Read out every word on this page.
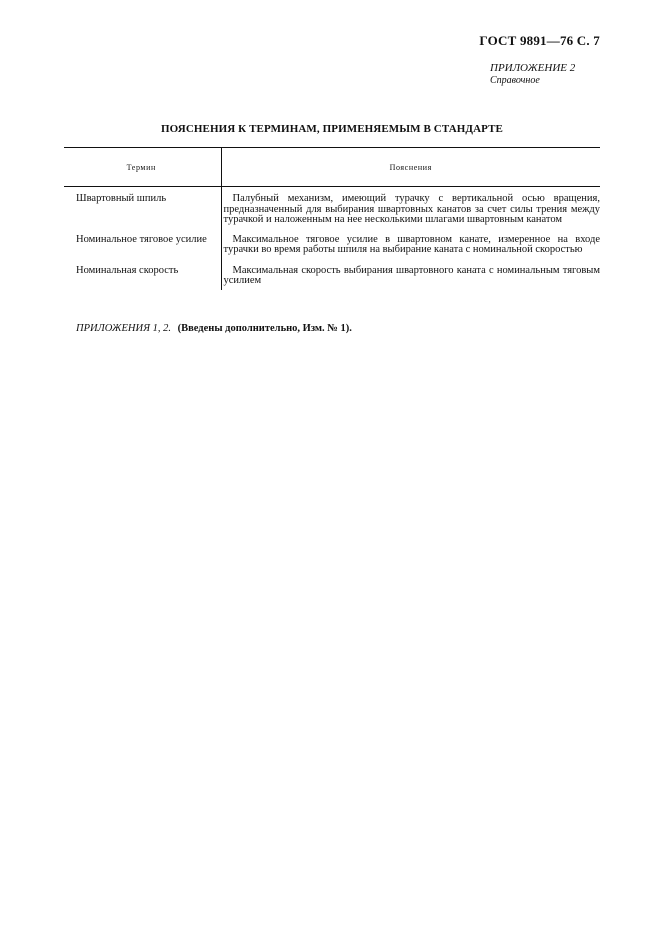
ГОСТ 9891—76 С. 7
ПРИЛОЖЕНИЕ 2
Справочное
ПОЯСНЕНИЯ К ТЕРМИНАМ, ПРИМЕНЯЕМЫМ В СТАНДАРТЕ
Термин	Пояснения
Швартовный шпиль	Палубный механизм, имеющий турачку с вертикальной осью вращения, предназначенный для выбирания швартовных канатов за счет силы трения между турачкой и наложенным на нее несколькими шлагами швартовным канатом
Номинальное тяговое усилие	Максимальное тяговое усилие в швартовном канате, измеренное на входе турачки во время работы шпиля на выбирание каната с номинальной скоростью
Номинальная скорость	Максимальная скорость выбирания швартовного каната с номинальным тяговым усилием
ПРИЛОЖЕНИЯ 1, 2. (Введены дополнительно, Изм. № 1).
